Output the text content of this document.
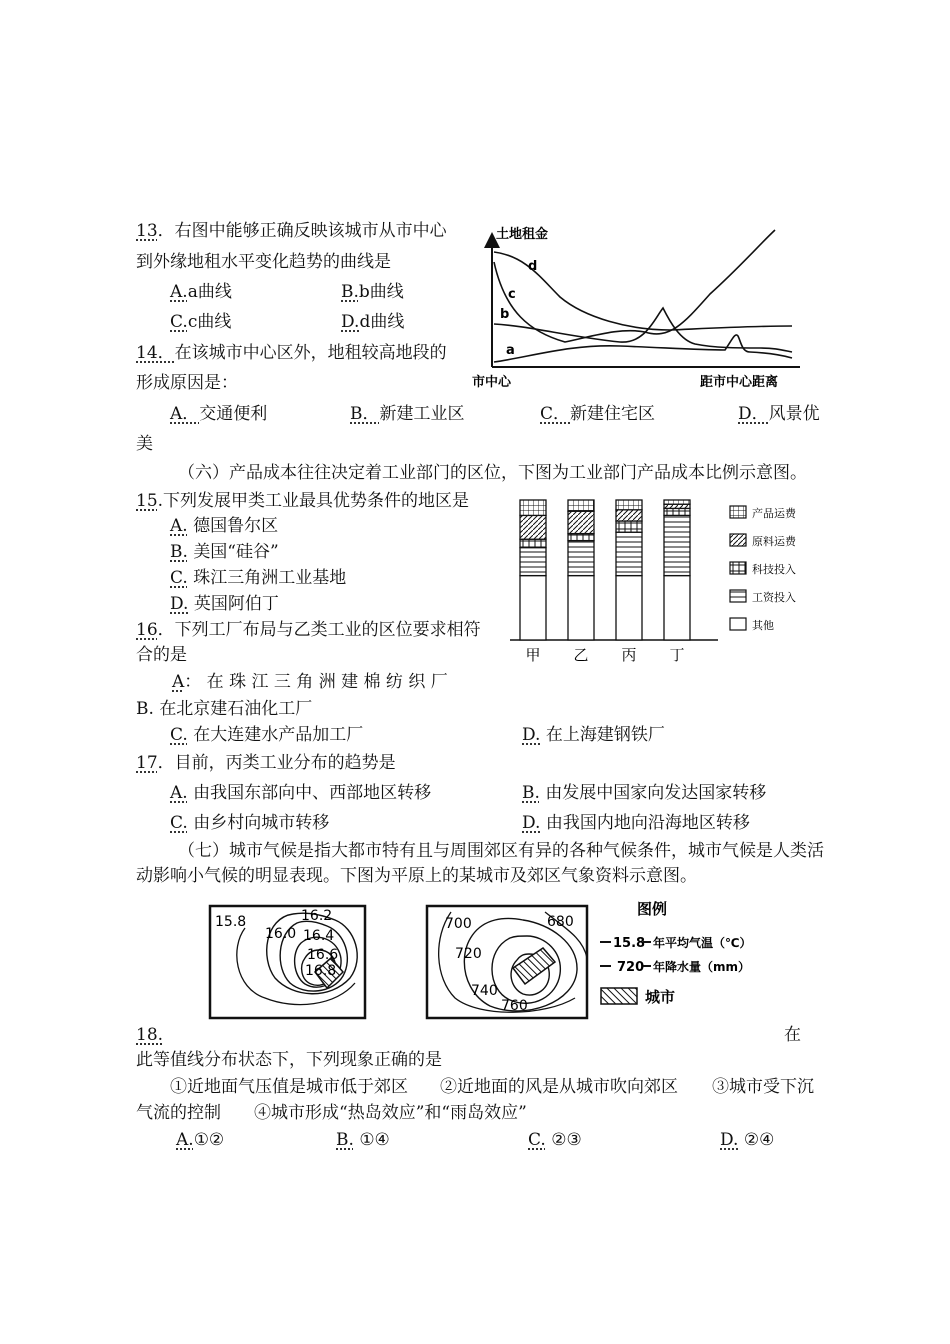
13．右图中能够正确反映该城市从市中心
到外缘地租水平变化趋势的曲线是
A.a曲线	B.b曲线
C.c曲线	D.d曲线
14．在该城市中心区外，地租较高地段的
形成原因是：
A．交通便利	B．新建工业区	C．新建住宅区	D．风景优
美
土地租金
市中心	距市中心距离
d
c
b
a
（六）产品成本往往决定着工业部门的区位，下图为工业部门产品成本比例示意图。
15.下列发展甲类工业最具优势条件的地区是
A. 德国鲁尔区
B. 美国“硅谷”
C. 珠江三角洲工业基地
D. 英国阿伯丁
甲 乙 丙 丁
产品运费
原料运费
科技投入
工资投入
其他
16．下列工厂布局与乙类工业的区位要求相符
合的是
A： 在 珠 江 三 角 洲 建 棉 纺 织 厂
B. 在北京建石油化工厂
C. 在大连建水产品加工厂	D. 在上海建钢铁厂
17．目前，丙类工业分布的趋势是
A. 由我国东部向中、西部地区转移	B. 由发展中国家向发达国家转移
C. 由乡村向城市转移	D. 由我国内地向沿海地区转移
（七）城市气候是指大都市特有且与周围郊区有异的各种气候条件，城市气候是人类活
动影响小气候的明显表现。下图为平原上的某城市及郊区气象资料示意图。
15.8
16.0
16.2
16.4
16.6
16.8
700	680
720
740
760
图例
15.8 年平均气温（℃）
720 年降水量（mm）
城市
18.	在
此等值线分布状态下，下列现象正确的是
①近地面气压值是城市低于郊区 ②近地面的风是从城市吹向郊区 ③城市受下沉
气流的控制 ④城市形成“热岛效应”和“雨岛效应”
A.①②	B. ①④	C. ②③	D. ②④
